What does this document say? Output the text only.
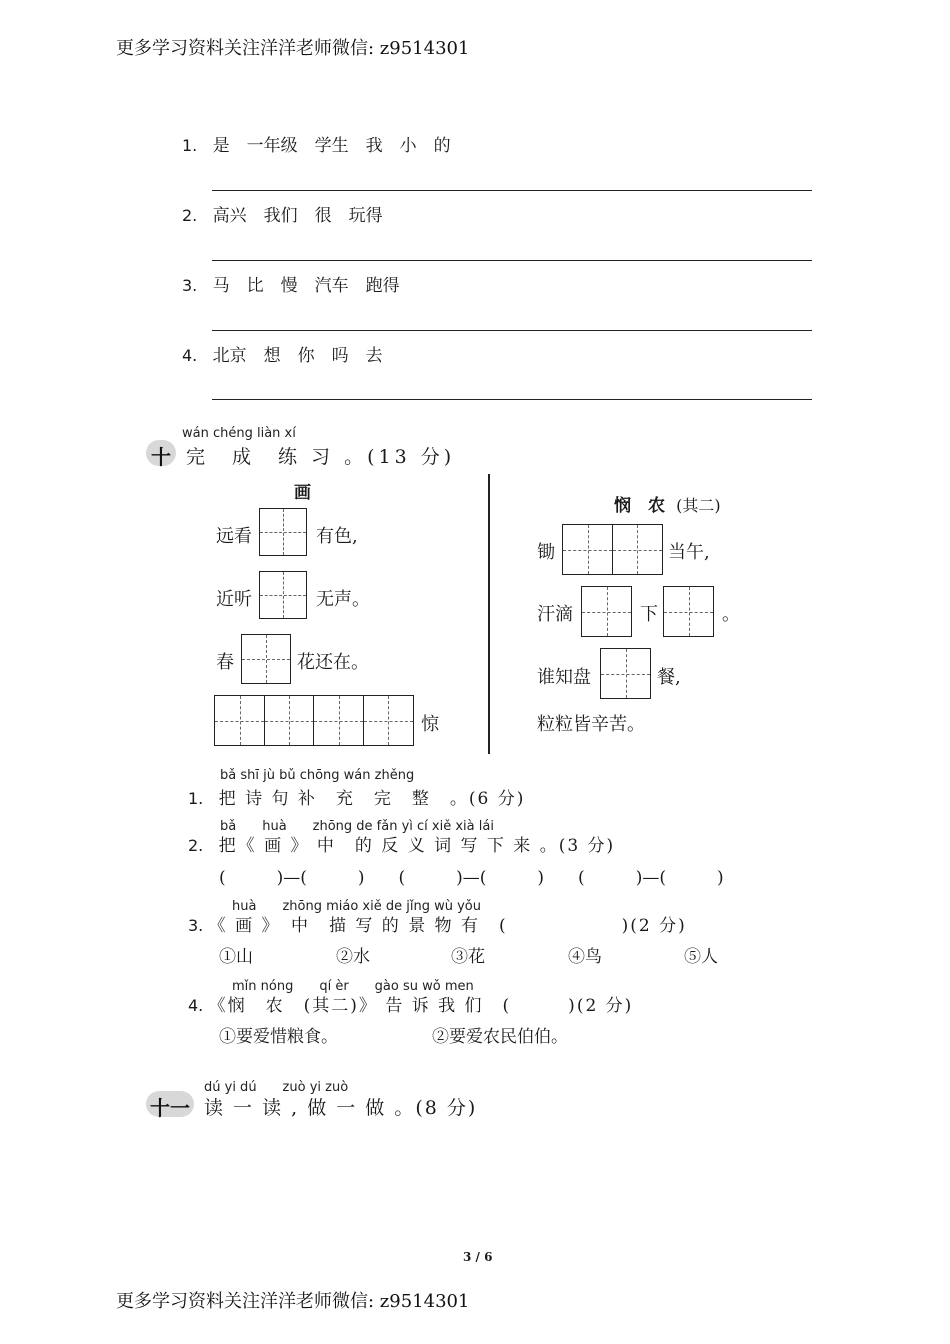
更多学习资料关注洋洋老师微信: z9514301
1. 是　一年级　学生　我　小　的
2. 高兴　我们　很　玩得
3. 马　比　慢　汽车　跑得
4. 北京　想　你　吗　去
十
wán chéng liàn xí
完　成　练 习 。(13 分)
画
远看	有色,
近听	无声。
春	花还在。
惊
悯　农 (其二)
锄	当午,
汗滴	下	。
谁知盘	餐,
粒粒皆辛苦。
bǎ shī jù bǔ chōng wán zhěng
1. 把 诗 句 补　充　完　整　。(6 分)
bǎ　　huà　　zhōng de fǎn yì cí xiě xià lái
2. 把《 画 》 中　的 反 义 词 写 下 来 。(3 分)
(　　　)—(　　　)　　(　　　)—(　　　)　　(　　　)—(　　　)
huà　　zhōng miáo xiě de jǐng wù yǒu
3. 《 画 》　中　描 写 的 景 物 有　(　　　　　　)(2 分)
①山	②水	③花	④鸟	⑤人
mǐn nóng　　qí èr　　gào su wǒ men
4. 《悯　农　(其二)》 告 诉 我 们　(　　　)(2 分)
①要爱惜粮食。	②要爱农民伯伯。
十一
dú yi dú　　zuò yi zuò
读 一 读 , 做 一 做 。(8 分)
3 / 6
更多学习资料关注洋洋老师微信: z9514301
